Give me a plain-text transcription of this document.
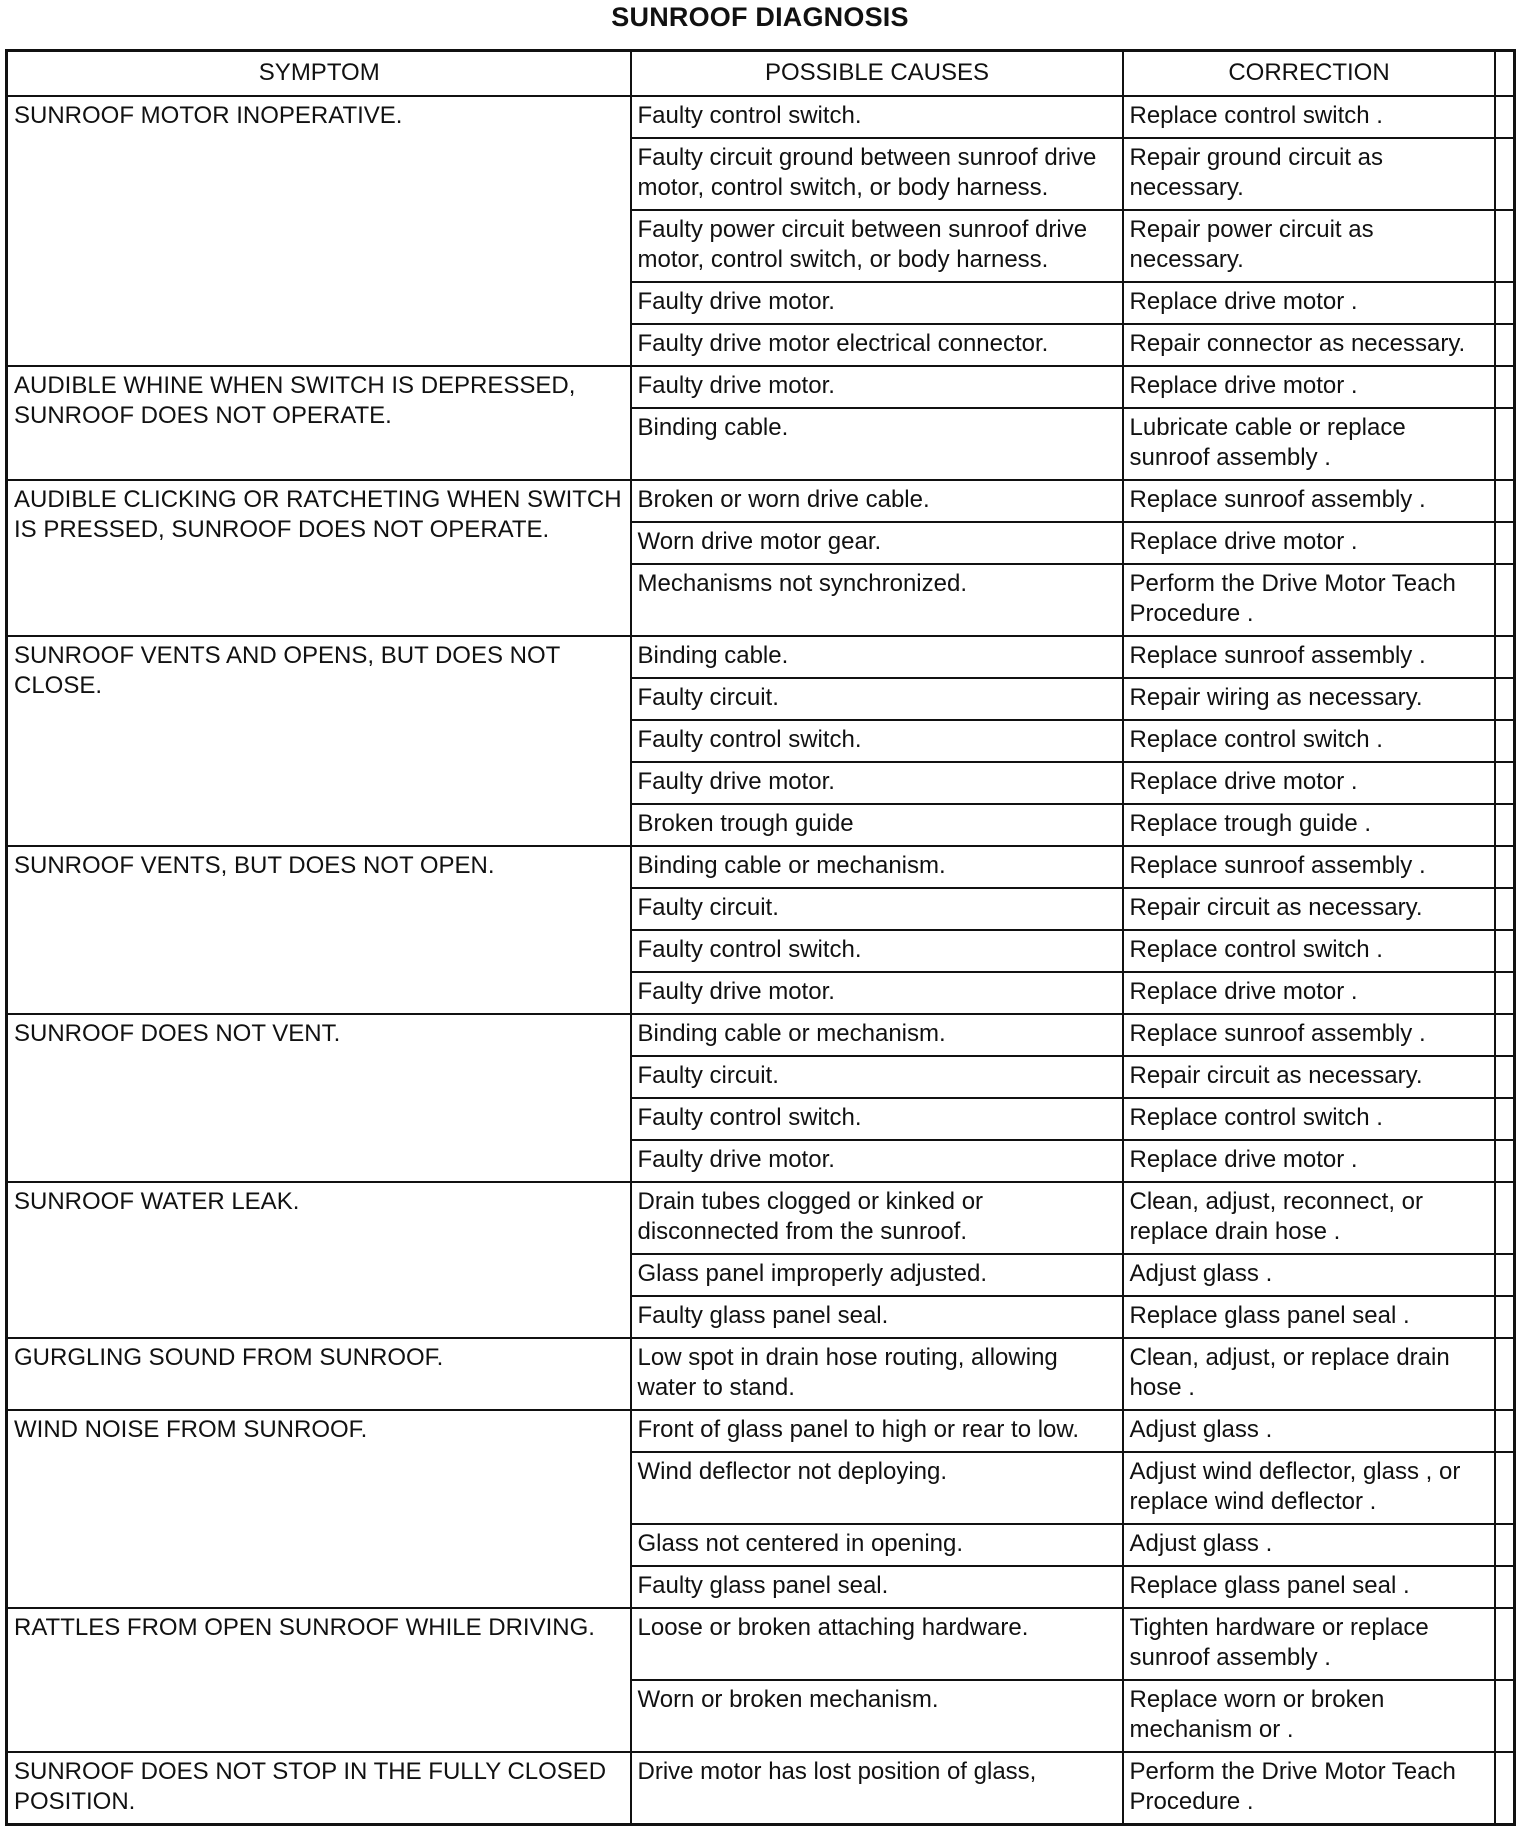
SUNROOF DIAGNOSIS
SYMPTOM	POSSIBLE CAUSES	CORRECTION	
SUNROOF MOTOR INOPERATIVE.	Faulty control switch.	Replace control switch .	
	Faulty circuit ground between sunroof drive motor, control switch, or body harness.	Repair ground circuit as necessary.	
	Faulty power circuit between sunroof drive motor, control switch, or body harness.	Repair power circuit as necessary.	
	Faulty drive motor.	Replace drive motor .	
	Faulty drive motor electrical connector.	Repair connector as necessary.	
AUDIBLE WHINE WHEN SWITCH IS DEPRESSED, SUNROOF DOES NOT OPERATE.	Faulty drive motor.	Replace drive motor .	
	Binding cable.	Lubricate cable or replace sunroof assembly .	
AUDIBLE CLICKING OR RATCHETING WHEN SWITCH IS PRESSED, SUNROOF DOES NOT OPERATE.	Broken or worn drive cable.	Replace sunroof assembly .	
	Worn drive motor gear.	Replace drive motor .	
	Mechanisms not synchronized.	Perform the Drive Motor Teach Procedure .	
SUNROOF VENTS AND OPENS, BUT DOES NOT CLOSE.	Binding cable.	Replace sunroof assembly .	
	Faulty circuit.	Repair wiring as necessary.	
	Faulty control switch.	Replace control switch .	
	Faulty drive motor.	Replace drive motor .	
	Broken trough guide	Replace trough guide .	
SUNROOF VENTS, BUT DOES NOT OPEN.	Binding cable or mechanism.	Replace sunroof assembly .	
	Faulty circuit.	Repair circuit as necessary.	
	Faulty control switch.	Replace control switch .	
	Faulty drive motor.	Replace drive motor .	
SUNROOF DOES NOT VENT.	Binding cable or mechanism.	Replace sunroof assembly .	
	Faulty circuit.	Repair circuit as necessary.	
	Faulty control switch.	Replace control switch .	
	Faulty drive motor.	Replace drive motor .	
SUNROOF WATER LEAK.	Drain tubes clogged or kinked or disconnected from the sunroof.	Clean, adjust, reconnect, or replace drain hose .	
	Glass panel improperly adjusted.	Adjust glass .	
	Faulty glass panel seal.	Replace glass panel seal .	
GURGLING SOUND FROM SUNROOF.	Low spot in drain hose routing, allowing water to stand.	Clean, adjust, or replace drain hose .	
WIND NOISE FROM SUNROOF.	Front of glass panel to high or rear to low.	Adjust glass .	
	Wind deflector not deploying.	Adjust wind deflector, glass , or replace wind deflector .	
	Glass not centered in opening.	Adjust glass .	
	Faulty glass panel seal.	Replace glass panel seal .	
RATTLES FROM OPEN SUNROOF WHILE DRIVING.	Loose or broken attaching hardware.	Tighten hardware or replace sunroof assembly .	
	Worn or broken mechanism.	Replace worn or broken mechanism or .	
SUNROOF DOES NOT STOP IN THE FULLY CLOSED POSITION.	Drive motor has lost position of glass,	Perform the Drive Motor Teach Procedure .	
